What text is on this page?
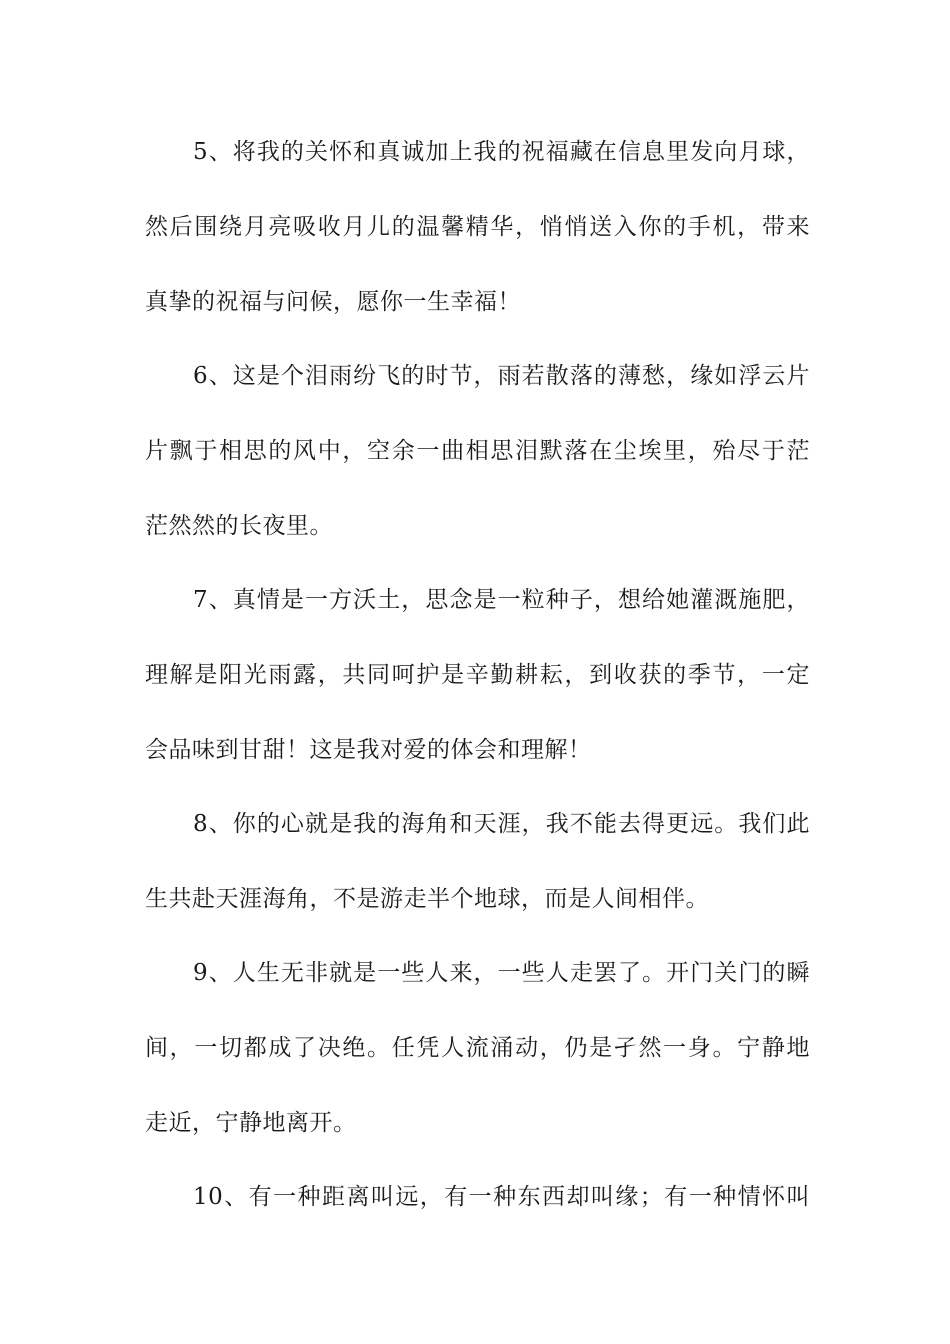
5、将我的关怀和真诚加上我的祝福藏在信息里发向月球，
然后围绕月亮吸收月儿的温馨精华，悄悄送入你的手机，带来
真挚的祝福与问候，愿你一生幸福！
6、这是个泪雨纷飞的时节，雨若散落的薄愁，缘如浮云片
片飘于相思的风中，空余一曲相思泪默落在尘埃里，殆尽于茫
茫然然的长夜里。
7、真情是一方沃土，思念是一粒种子，想给她灌溉施肥，
理解是阳光雨露，共同呵护是辛勤耕耘，到收获的季节，一定
会品味到甘甜！这是我对爱的体会和理解！
8、你的心就是我的海角和天涯，我不能去得更远。我们此
生共赴天涯海角，不是游走半个地球，而是人间相伴。
9、人生无非就是一些人来，一些人走罢了。开门关门的瞬
间，一切都成了决绝。任凭人流涌动，仍是孑然一身。宁静地
走近，宁静地离开。
10、有一种距离叫远，有一种东西却叫缘；有一种情怀叫
